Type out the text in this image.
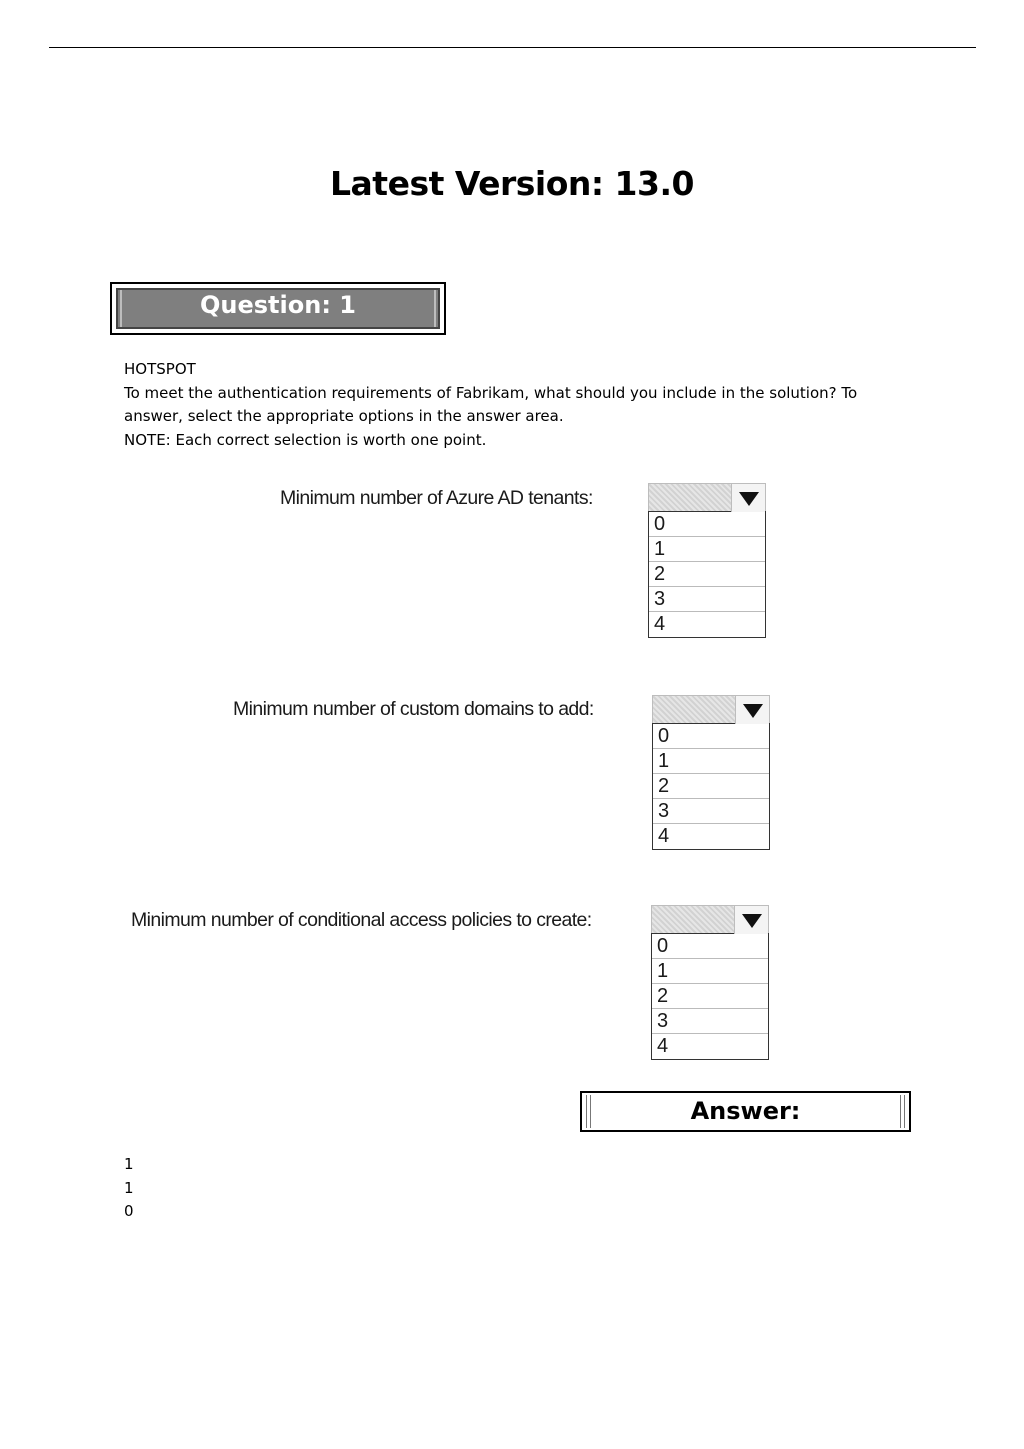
Latest Version: 13.0
Question: 1

HOTSPOT

To meet the authentication requirements of Fabrikam, what should you include in the solution? To answer, select the appropriate options in the answer area.

NOTE: Each correct selection is worth one point.

Minimum number of Azure AD tenants:
0
1
2
3
4
Minimum number of custom domains to add:
0
1
2
3
4
Minimum number of conditional access policies to create:
0
1
2
3
4
Answer:
1
1
0
